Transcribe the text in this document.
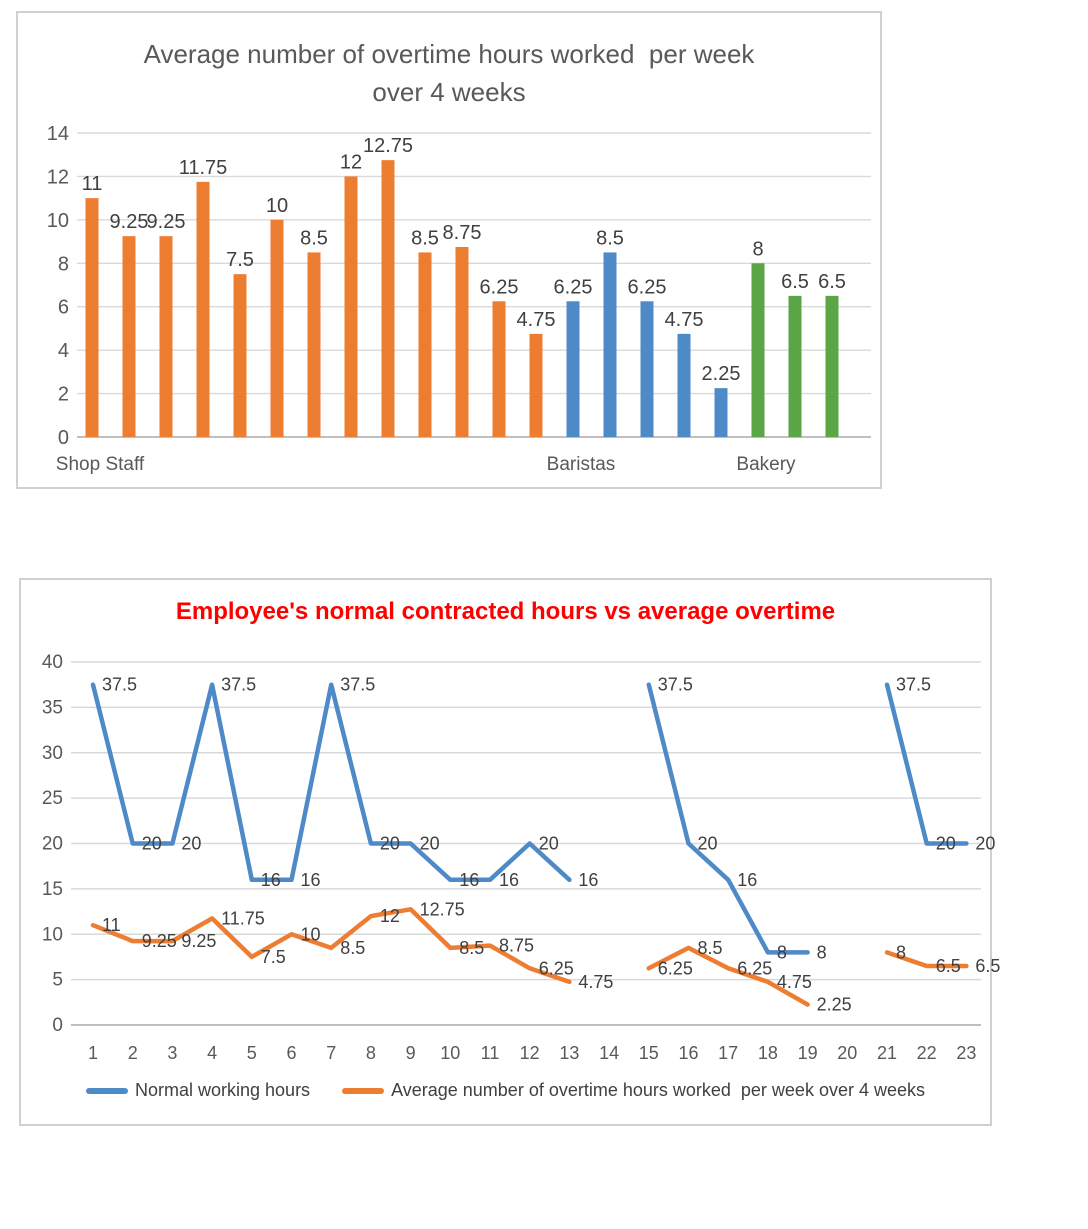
Average number of overtime hours worked  per week
over 4 weeks
0
2
4
6
8
10
12
14
11
9.25
9.25
11.75
7.5
10
8.5
12
12.75
8.5 8.75
6.25
4.75
Shop Staff
6.25
8.5
6.25
4.75
2.25
Baristas
8
6.5 6.5
Bakery
Employee's normal contracted hours vs average overtime
0
5
10
15
20
25
30
35
40
1 2 3 4 5 6 7 8 9 10 11 12 13 14 15 16 17 18 19 20 21 22 23
37.5
20 20
37.5
16 16
37.5
20 20
16 16
20
16
37.5
20
16
8 8
37.5
20 20
11
9.25 9.25
11.75
7.5
10
8.5
12 12.75
8.5 8.75
6.25
4.75
6.25
8.5
6.25
4.75
2.25
8
6.5 6.5
Normal working hours	Average number of overtime hours worked  per week over 4 weeks
